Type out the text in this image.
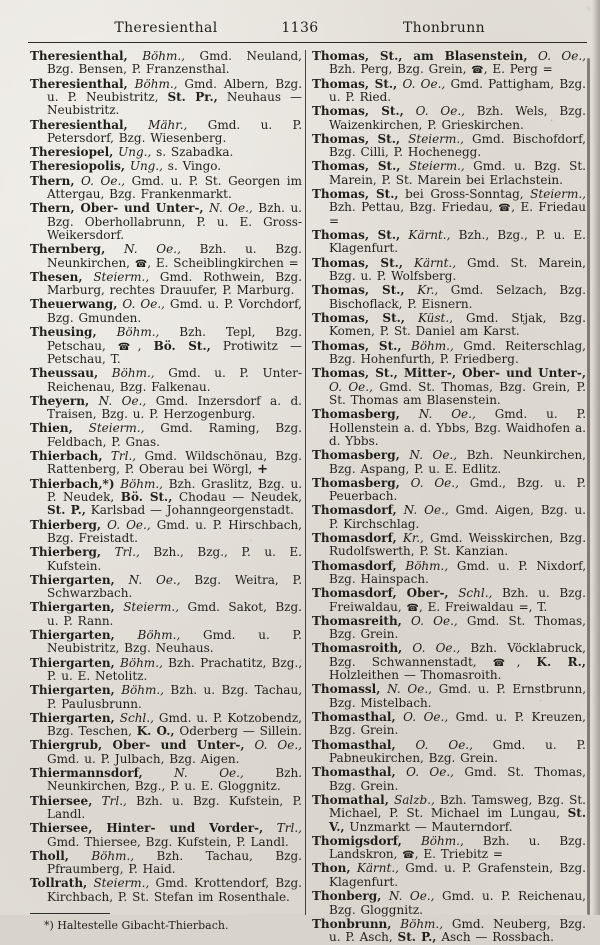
Theresienthal	1136	Thonbrunn

Theresienthal, Böhm., Gmd. Neuland, Bzg. Bensen, P. Franzensthal.

Theresienthal, Böhm., Gmd. Albern, Bzg. u. P. Neubistritz, St. Pr., Neuhaus — Neubistritz.

Theresienthal, Mähr., Gmd. u. P. Petersdorf, Bzg. Wiesenberg.

Theresiopel, Ung., s. Szabadka.

Theresiopolis, Ung., s. Vingo.

Thern, O. Oe., Gmd. u. P. St. Georgen im Attergau, Bzg. Frankenmarkt.

Thern, Ober- und Unter-, N. Oe., Bzh. u. Bzg. Oberhollabrunn, P. u. E. Gross-Weikersdorf.

Thernberg, N. Oe., Bzh. u. Bzg. Neunkirchen, ☎, E. Scheiblingkirchen =

Thesen, Steierm., Gmd. Rothwein, Bzg. Marburg, rechtes Drauufer, P. Marburg.

Theuerwang, O. Oe., Gmd. u. P. Vorchdorf, Bzg. Gmunden.

Theusing, Böhm., Bzh. Tepl, Bzg. Petschau, ☎, Bö. St., Protiwitz — Petschau, T.

Theussau, Böhm., Gmd. u. P. Unter-Reichenau, Bzg. Falkenau.

Theyern, N. Oe., Gmd. Inzersdorf a. d. Traisen, Bzg. u. P. Herzogenburg.

Thien, Steierm., Gmd. Raming, Bzg. Feldbach, P. Gnas.

Thierbach, Trl., Gmd. Wildschönau, Bzg. Rattenberg, P. Oberau bei Wörgl, +

Thierbach,*) Böhm., Bzh. Graslitz, Bzg. u. P. Neudek, Bö. St., Chodau — Neudek, St. P., Karlsbad — Johanngeorgenstadt.

Thierberg, O. Oe., Gmd. u. P. Hirschbach, Bzg. Freistadt.

Thierberg, Trl., Bzh., Bzg., P. u. E. Kufstein.

Thiergarten, N. Oe., Bzg. Weitra, P. Schwarzbach.

Thiergarten, Steierm., Gmd. Sakot, Bzg. u. P. Rann.

Thiergarten, Böhm., Gmd. u. P. Neubistritz, Bzg. Neuhaus.

Thiergarten, Böhm., Bzh. Prachatitz, Bzg., P. u. E. Netolitz.

Thiergarten, Böhm., Bzh. u. Bzg. Tachau, P. Paulusbrunn.

Thiergarten, Schl., Gmd. u. P. Kotzobendz, Bzg. Teschen, K. O., Oderberg — Sillein.

Thiergrub, Ober- und Unter-, O. Oe., Gmd. u. P. Julbach, Bzg. Aigen.

Thiermannsdorf, N. Oe., Bzh. Neunkirchen, Bzg., P. u. E. Gloggnitz.

Thiersee, Trl., Bzh. u. Bzg. Kufstein, P. Landl.

Thiersee, Hinter- und Vorder-, Trl., Gmd. Thiersee, Bzg. Kufstein, P. Landl.

Tholl, Böhm., Bzh. Tachau, Bzg. Pfraumberg, P. Haid.

Tollrath, Steierm., Gmd. Krottendorf, Bzg. Kirchbach, P. St. Stefan im Rosenthale.

*) Haltestelle Gibacht-Thierbach.

Thomas, St., am Blasenstein, O. Oe., Bzh. Perg, Bzg. Grein, ☎, E. Perg =

Thomas, St., O. Oe., Gmd. Pattigham, Bzg. u. P. Ried.

Thomas, St., O. Oe., Bzh. Wels, Bzg. Waizenkirchen, P. Grieskirchen.

Thomas, St., Steierm., Gmd. Bischofdorf, Bzg. Cilli, P. Hochenegg.

Thomas, St., Steierm., Gmd. u. Bzg. St. Marein, P. St. Marein bei Erlachstein.

Thomas, St., bei Gross-Sonntag, Steierm., Bzh. Pettau, Bzg. Friedau, ☎, E. Friedau =

Thomas, St., Kärnt., Bzh., Bzg., P. u. E. Klagenfurt.

Thomas, St., Kärnt., Gmd. St. Marein, Bzg. u. P. Wolfsberg.

Thomas, St., Kr., Gmd. Selzach, Bzg. Bischoflack, P. Eisnern.

Thomas, St., Küst., Gmd. Stjak, Bzg. Komen, P. St. Daniel am Karst.

Thomas, St., Böhm., Gmd. Reiterschlag, Bzg. Hohenfurth, P. Friedberg.

Thomas, St., Mitter-, Ober- und Unter-, O. Oe., Gmd. St. Thomas, Bzg. Grein, P. St. Thomas am Blasenstein.

Thomasberg, N. Oe., Gmd. u. P. Hollenstein a. d. Ybbs, Bzg. Waidhofen a. d. Ybbs.

Thomasberg, N. Oe., Bzh. Neunkirchen, Bzg. Aspang, P. u. E. Edlitz.

Thomasberg, O. Oe., Gmd., Bzg. u. P. Peuerbach.

Thomasdorf, N. Oe., Gmd. Aigen, Bzg. u. P. Kirchschlag.

Thomasdorf, Kr., Gmd. Weisskirchen, Bzg. Rudolfswerth, P. St. Kanzian.

Thomasdorf, Böhm., Gmd. u. P. Nixdorf, Bzg. Hainspach.

Thomasdorf, Ober-, Schl., Bzh. u. Bzg. Freiwaldau, ☎, E. Freiwaldau =, T.

Thomasreith, O. Oe., Gmd. St. Thomas, Bzg. Grein.

Thomasroith, O. Oe., Bzh. Vöcklabruck, Bzg. Schwannenstadt, ☎, K. R., Holzleithen — Thomasroith.

Thomassl, N. Oe., Gmd. u. P. Ernstbrunn, Bzg. Mistelbach.

Thomasthal, O. Oe., Gmd. u. P. Kreuzen, Bzg. Grein.

Thomasthal, O. Oe., Gmd. u. P. Pabneukirchen, Bzg. Grein.

Thomasthal, O. Oe., Gmd. St. Thomas, Bzg. Grein.

Thomathal, Salzb., Bzh. Tamsweg, Bzg. St. Michael, P. St. Michael im Lungau, St. V., Unzmarkt — Mauterndorf.

Thomigsdorf, Böhm., Bzh. u. Bzg. Landskron, ☎, E. Triebitz =

Thon, Kärnt., Gmd. u. P. Grafenstein, Bzg. Klagenfurt.

Thonberg, N. Oe., Gmd. u. P. Reichenau, Bzg. Gloggnitz.

Thonbrunn, Böhm., Gmd. Neuberg, Bzg. u. P. Asch, St. P., Asch — Rossbach.
